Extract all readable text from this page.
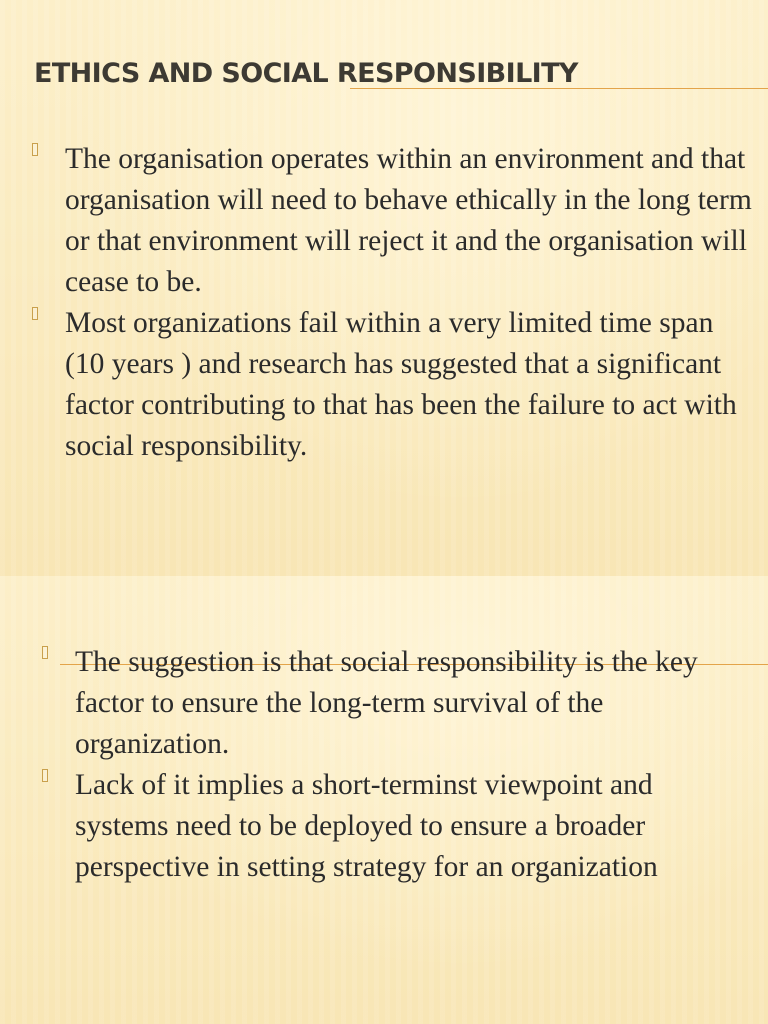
ETHICS AND SOCIAL RESPONSIBILITY
The organisation operates within an environment and that organisation will need to behave ethically in the long term or that environment will reject it and the organisation will cease to be.
Most organizations fail within a very limited time span (10 years ) and research has suggested that a significant factor contributing to that has been the failure to act with social responsibility.
The suggestion is that social responsibility is the key factor to ensure the long-term survival of the organization.
Lack of it implies a short-terminst viewpoint and systems need to be deployed to ensure a broader perspective in setting strategy for an organization
